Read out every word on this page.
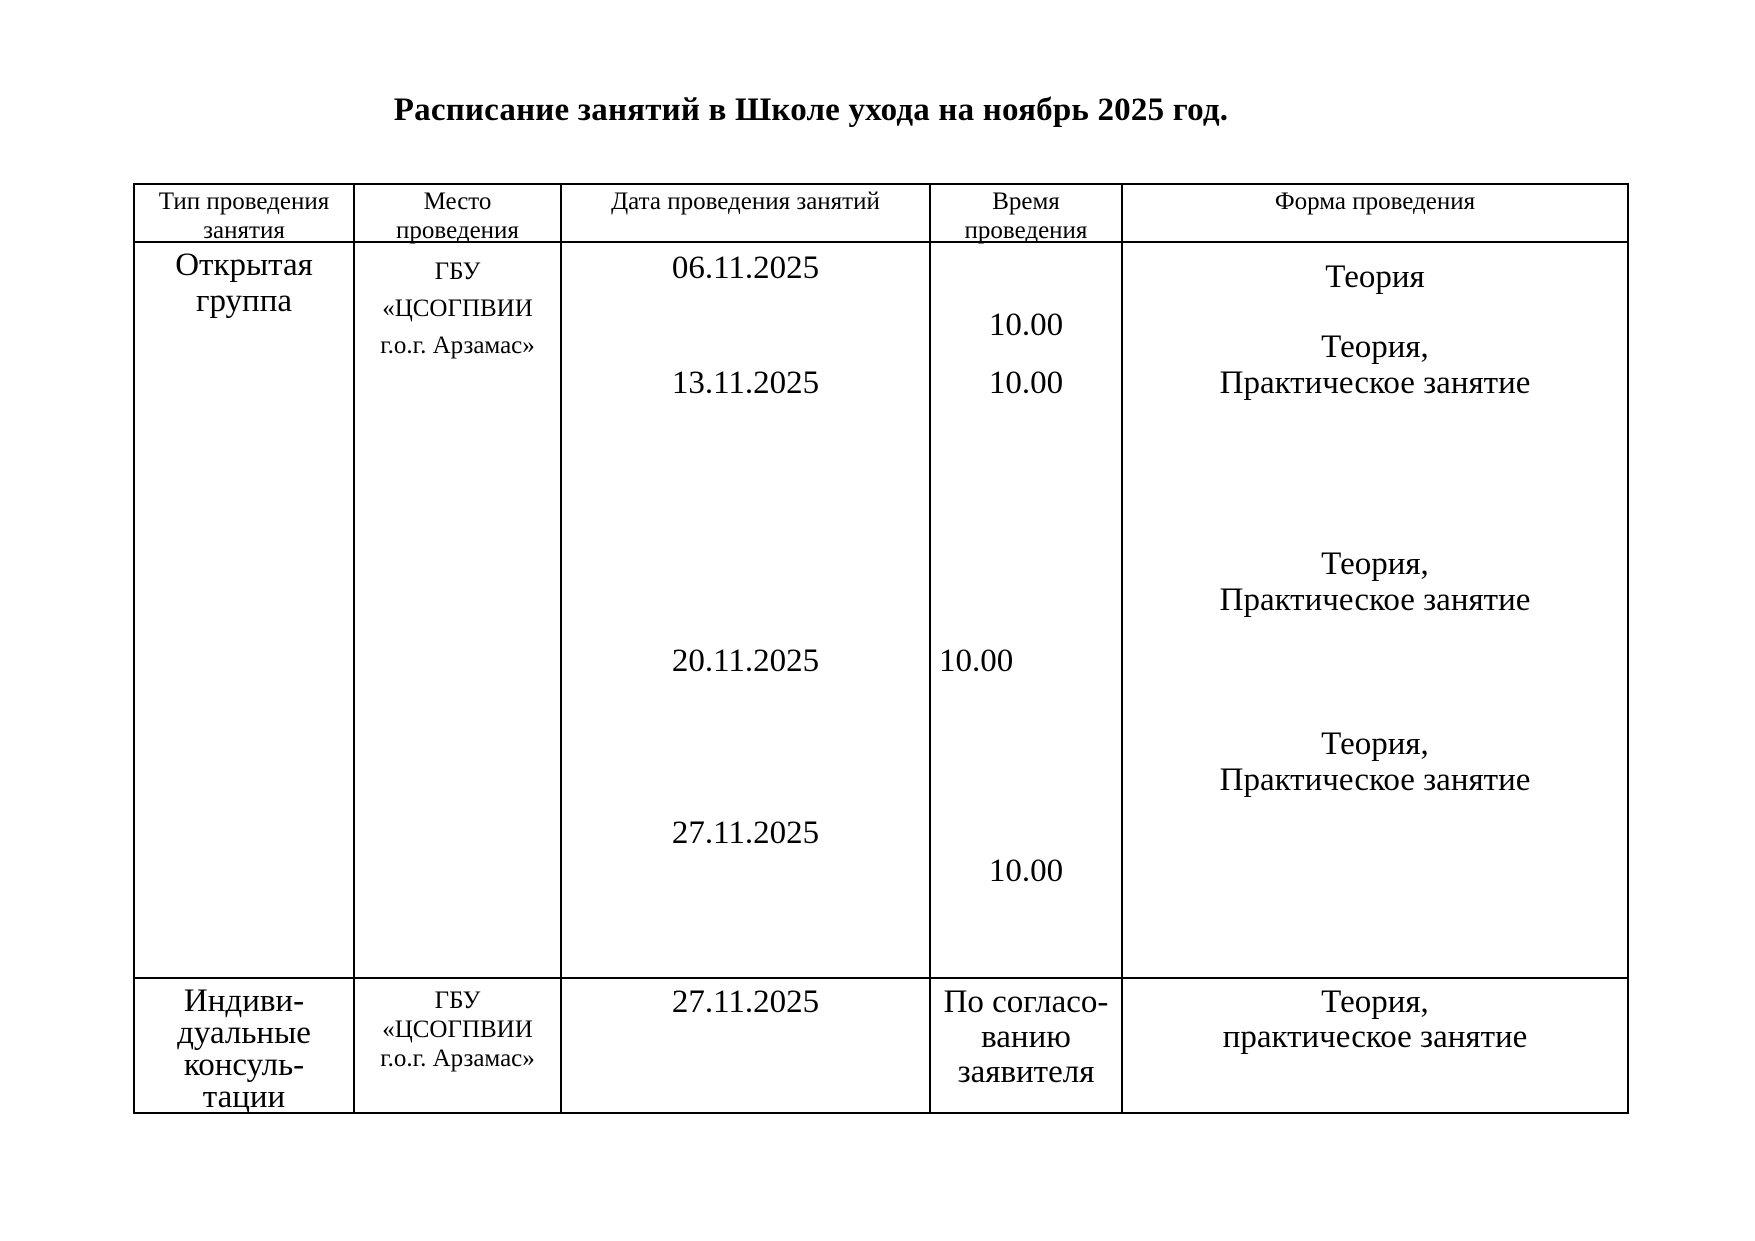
Расписание занятий в Школе ухода на ноябрь 2025 год.
Тип проведения
занятия
Место
проведения
Дата проведения занятий	Время
проведения
Форма проведения
Открытая
группа
ГБУ
«ЦСОГПВИИ
г.о.г. Арзамас»
06.11.2025
13.11.2025
20.11.2025
27.11.2025
10.00
10.00
10.00
10.00
Теория
Теория,
Практическое занятие
Теория,
Практическое занятие
Теория,
Практическое занятие
Индиви-
дуальные
консуль-
тации
ГБУ
«ЦСОГПВИИ
г.о.г. Арзамас»
27.11.2025	По согласо-
ванию
заявителя
Теория,
практическое занятие
